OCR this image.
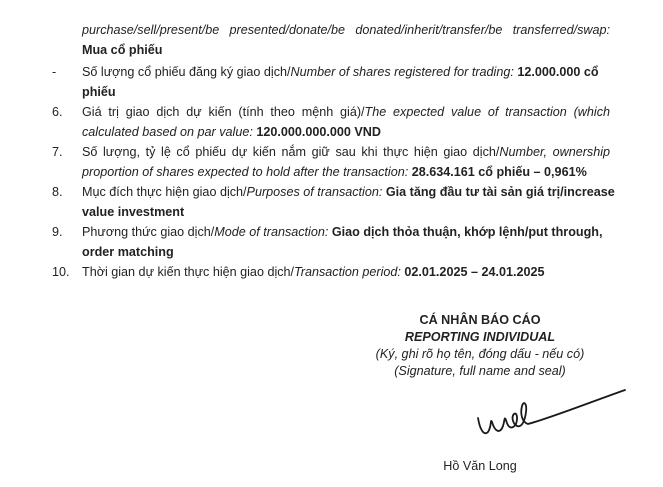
purchase/sell/present/be presented/donate/be donated/inherit/transfer/be transferred/swap:
Mua cổ phiếu
- Số lượng cổ phiếu đăng ký giao dịch/Number of shares registered for trading: 12.000.000 cổ
phiếu
6. Giá trị giao dịch dự kiến (tính theo mệnh giá)/The expected value of transaction (which
calculated based on par value: 120.000.000.000 VND
7. Số lượng, tỷ lệ cổ phiếu dự kiến nắm giữ sau khi thực hiện giao dịch/Number, ownership
proportion of shares expected to hold after the transaction: 28.634.161 cổ phiếu – 0,961%
8. Mục đích thực hiện giao dịch/Purposes of transaction: Gia tăng đầu tư tài sản giá trị/increase
value investment
9. Phương thức giao dịch/Mode of transaction: Giao dịch thỏa thuận, khớp lệnh/put through,
order matching
10. Thời gian dự kiến thực hiện giao dịch/Transaction period: 02.01.2025 – 24.01.2025
CÁ NHÂN BÁO CÁO
REPORTING INDIVIDUAL
(Ký, ghi rõ họ tên, đóng dấu - nếu có)
(Signature, full name and seal)
Hồ Văn Long
